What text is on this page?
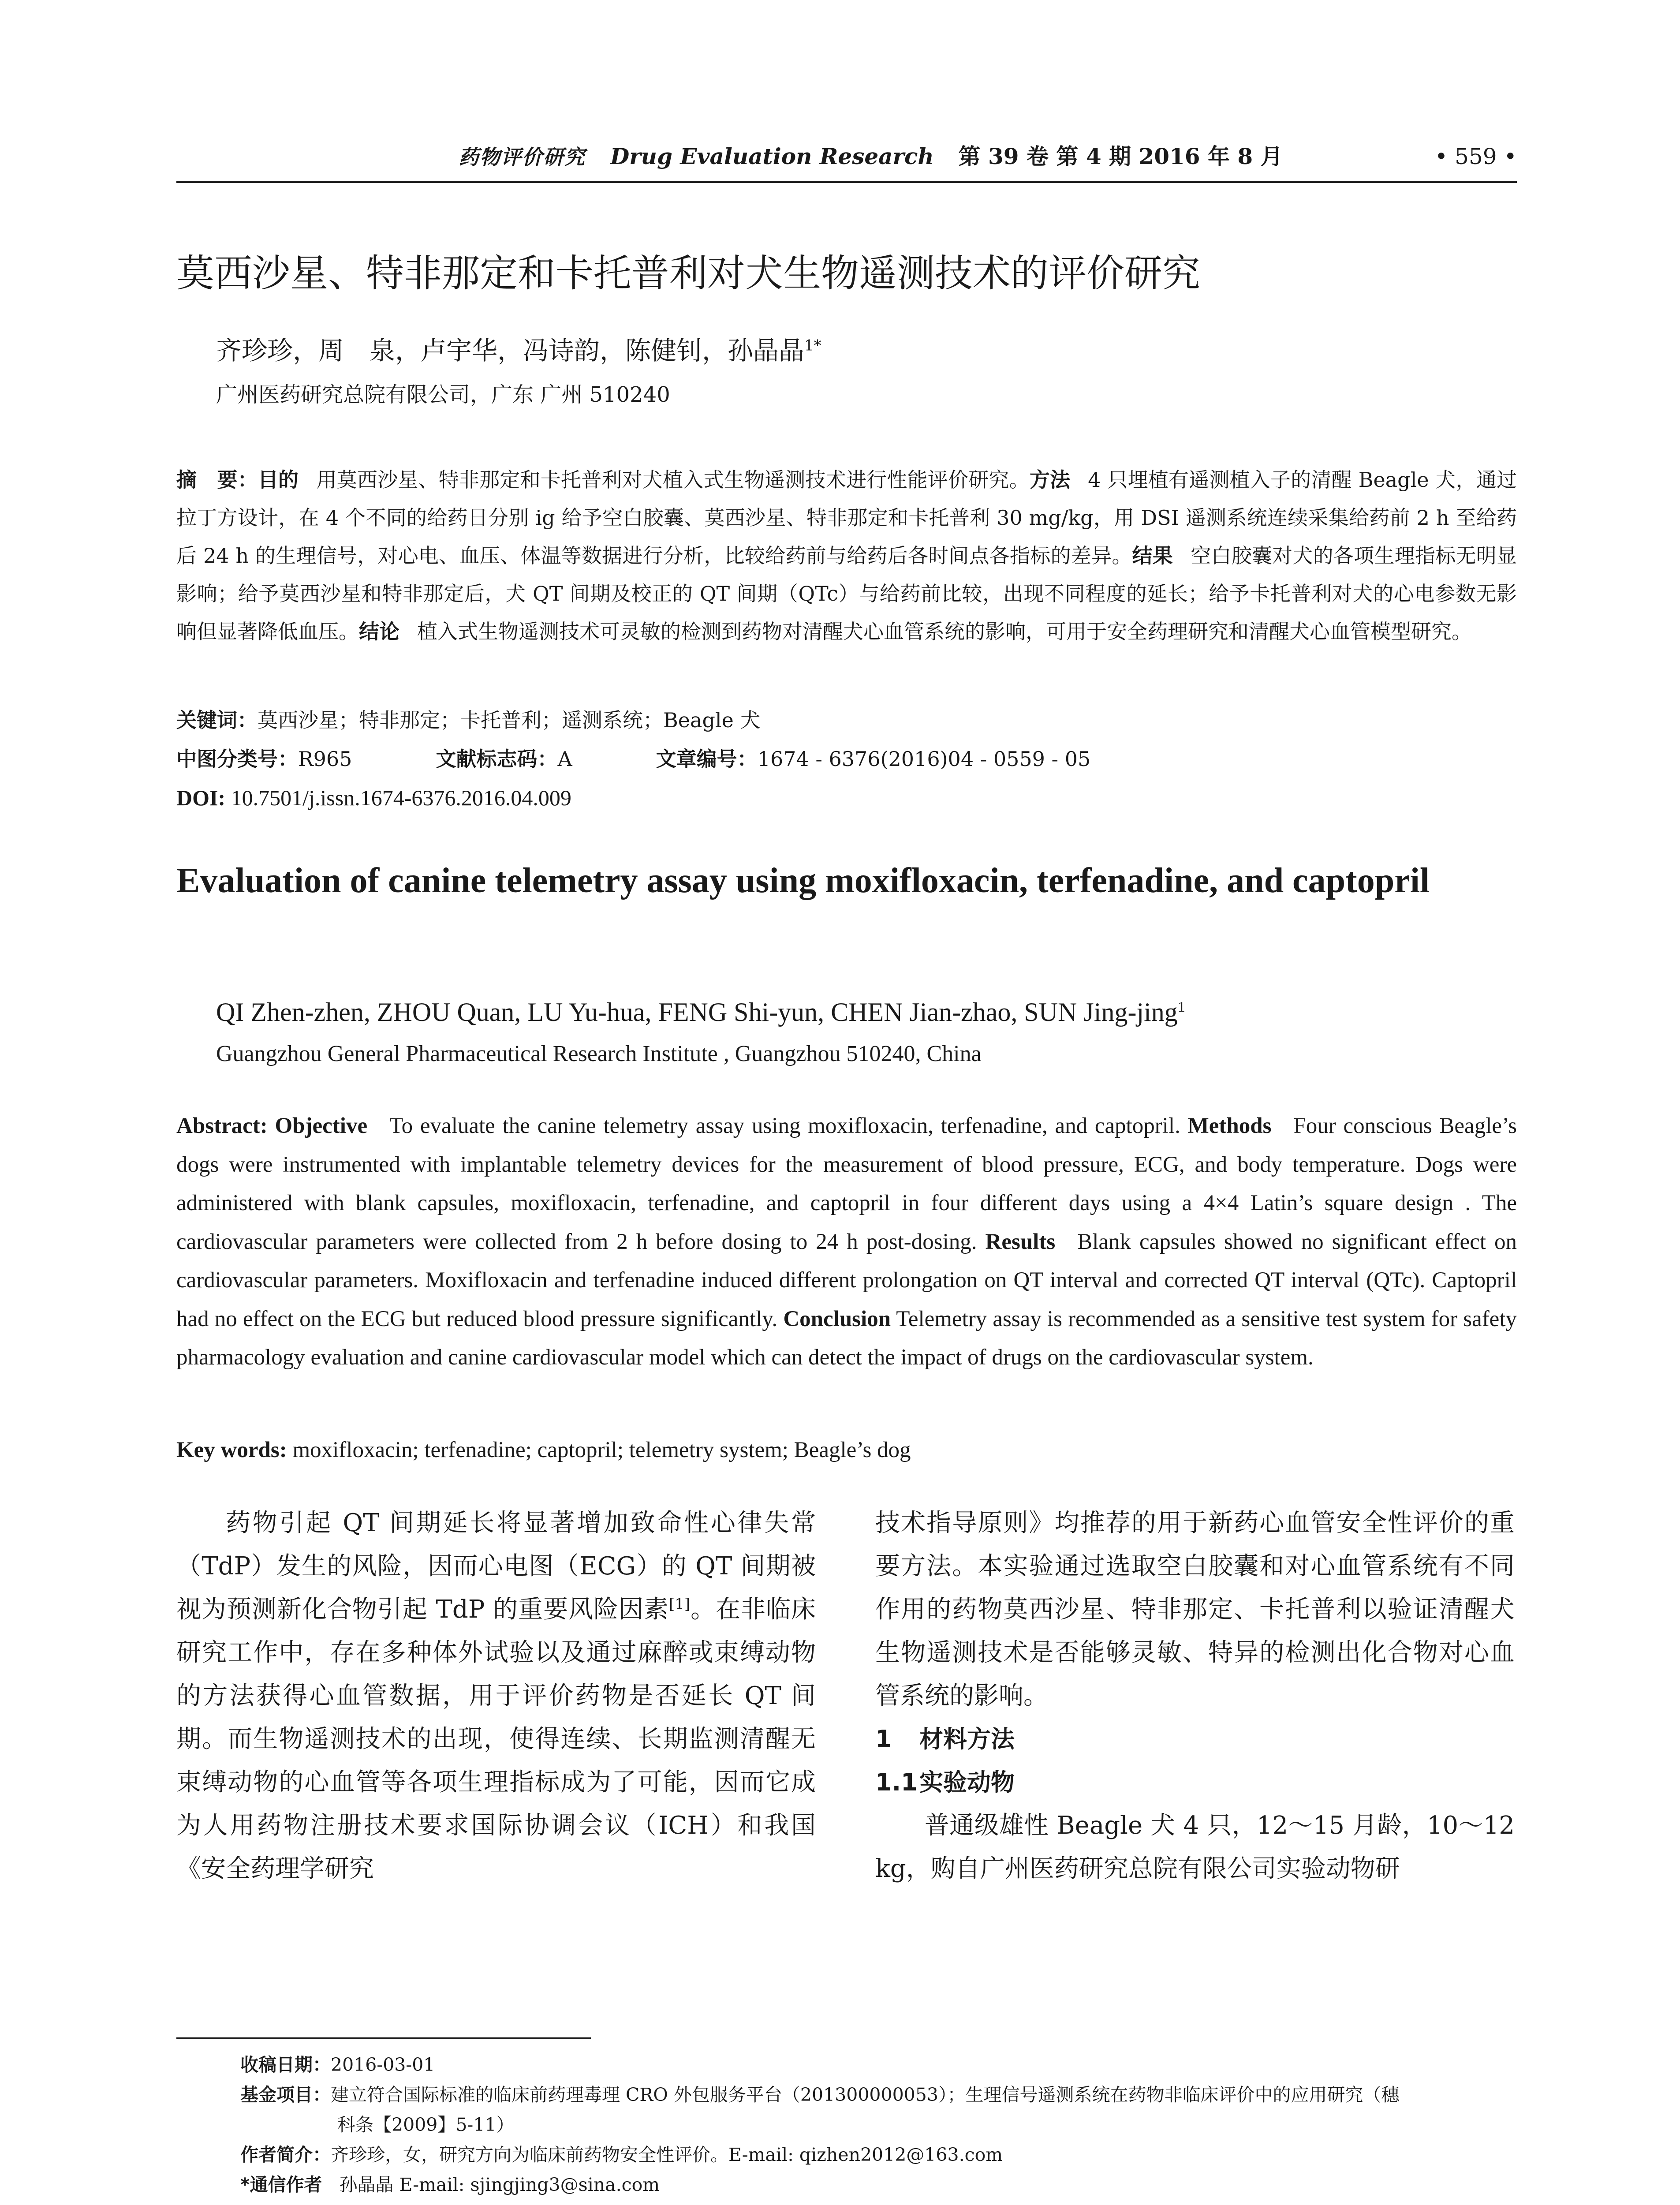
药物评价研究 Drug Evaluation Research 第 39 卷 第 4 期 2016 年 8 月	• 559 •
莫西沙星、特非那定和卡托普利对犬生物遥测技术的评价研究
齐珍珍，周　泉，卢宇华，冯诗韵，陈健钊，孙晶晶$^{1*}$
广州医药研究总院有限公司，广东 广州 510240
摘　要：目的 用莫西沙星、特非那定和卡托普利对犬植入式生物遥测技术进行性能评价研究。方法 4 只埋植有遥测植入子的清醒 Beagle 犬，通过拉丁方设计，在 4 个不同的给药日分别 ig 给予空白胶囊、莫西沙星、特非那定和卡托普利 30 mg/kg，用 DSI 遥测系统连续采集给药前 2 h 至给药后 24 h 的生理信号，对心电、血压、体温等数据进行分析，比较给药前与给药后各时间点各指标的差异。结果 空白胶囊对犬的各项生理指标无明显影响；给予莫西沙星和特非那定后，犬 QT 间期及校正的 QT 间期（QTc）与给药前比较，出现不同程度的延长；给予卡托普利对犬的心电参数无影响但显著降低血压。结论 植入式生物遥测技术可灵敏的检测到药物对清醒犬心血管系统的影响，可用于安全药理研究和清醒犬心血管模型研究。
关键词：莫西沙星；特非那定；卡托普利；遥测系统；Beagle 犬
中图分类号：R965	文献标志码：A	文章编号：1674 - 6376(2016)04 - 0559 - 05
DOI: 10.7501/j.issn.1674-6376.2016.04.009
Evaluation of canine telemetry assay using moxifloxacin, terfenadine, and captopril
QI Zhen-zhen, ZHOU Quan, LU Yu-hua, FENG Shi-yun, CHEN Jian-zhao, SUN Jing-jing$^1$
Guangzhou General Pharmaceutical Research Institute , Guangzhou 510240, China
Abstract: Objective To evaluate the canine telemetry assay using moxifloxacin, terfenadine, and captopril. Methods Four conscious Beagle’s dogs were instrumented with implantable telemetry devices for the measurement of blood pressure, ECG, and body temperature. Dogs were administered with blank capsules, moxifloxacin, terfenadine, and captopril in four different days using a 4×4 Latin’s square design . The cardiovascular parameters were collected from 2 h before dosing to 24 h post-dosing. Results Blank capsules showed no significant effect on cardiovascular parameters. Moxifloxacin and terfenadine induced different prolongation on QT interval and corrected QT interval (QTc). Captopril had no effect on the ECG but reduced blood pressure significantly. Conclusion Telemetry assay is recommended as a sensitive test system for safety pharmacology evaluation and canine cardiovascular model which can detect the impact of drugs on the cardiovascular system.
Key words: moxifloxacin; terfenadine; captopril; telemetry system; Beagle’s dog

药物引起 QT 间期延长将显著增加致命性心律失常（TdP）发生的风险，因而心电图（ECG）的 QT 间期被视为预测新化合物引起 TdP 的重要风险因素[1]。在非临床研究工作中，存在多种体外试验以及通过麻醉或束缚动物的方法获得心血管数据，用于评价药物是否延长 QT 间期。而生物遥测技术的出现，使得连续、长期监测清醒无束缚动物的心血管等各项生理指标成为了可能，因而它成为人用药物注册技术要求国际协调会议（ICH）和我国《安全药理学研究

技术指导原则》均推荐的用于新药心血管安全性评价的重要方法。本实验通过选取空白胶囊和对心血管系统有不同作用的药物莫西沙星、特非那定、卡托普利以验证清醒犬生物遥测技术是否能够灵敏、特异的检测出化合物对心血管系统的影响。

1 材料方法

1.1实验动物

普通级雄性 Beagle 犬 4 只，12～15 月龄，10～12 kg，购自广州医药研究总院有限公司实验动物研

收稿日期：2016-03-01
基金项目：建立符合国际标准的临床前药理毒理 CRO 外包服务平台（201300000053）；生理信号遥测系统在药物非临床评价中的应用研究（穗
科条【2009】5-11）
作者简介：齐珍珍，女，研究方向为临床前药物安全性评价。E-mail: qizhen2012@163.com
*通信作者 孙晶晶 E-mail: sjingjing3@sina.com
